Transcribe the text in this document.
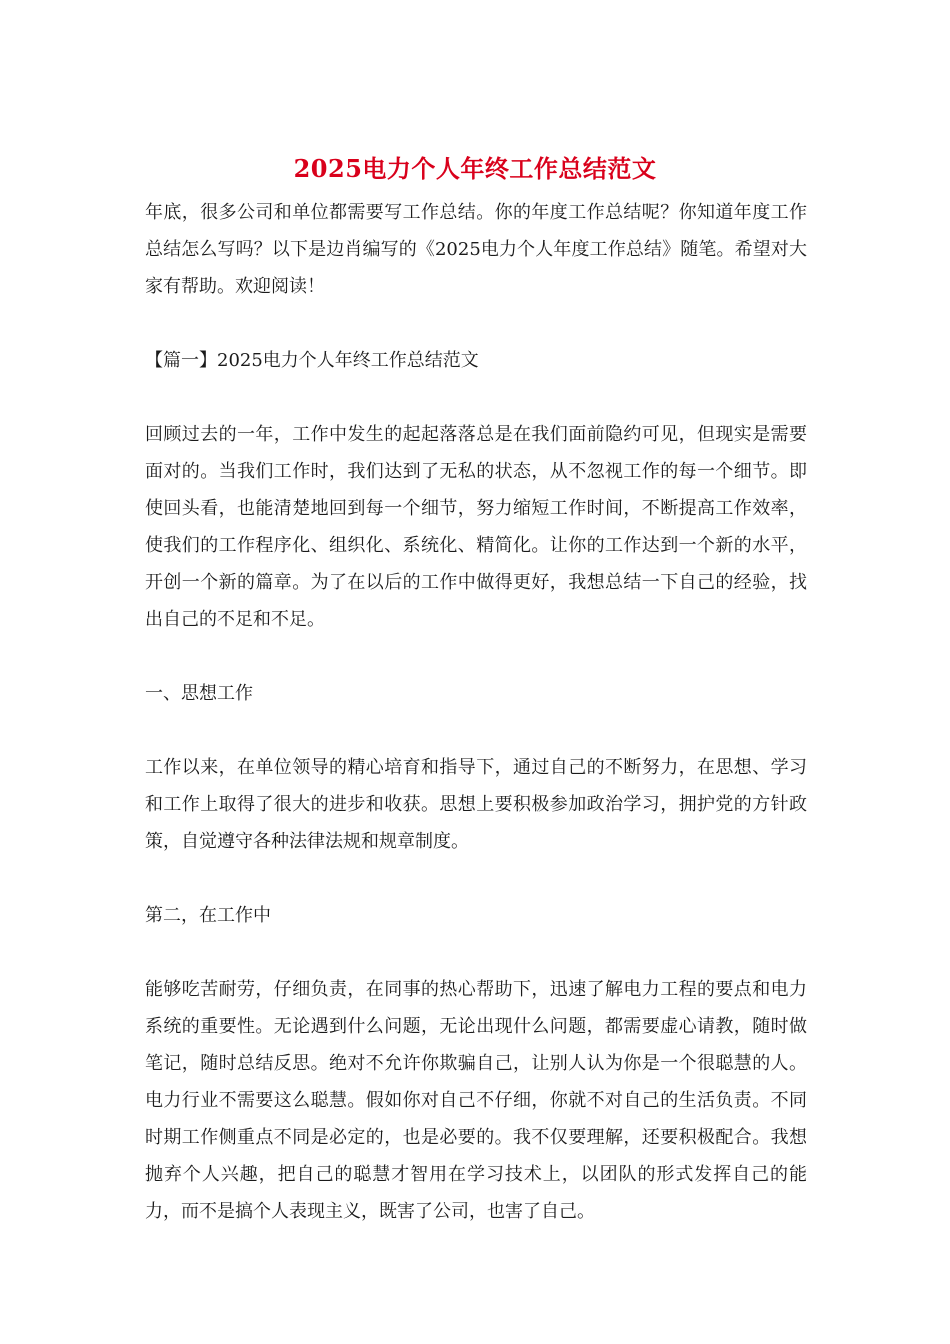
2025电力个人年终工作总结范文

年底，很多公司和单位都需要写工作总结。你的年度工作总结呢？你知道年度工作总结怎么写吗？以下是边肖编写的《2025电力个人年度工作总结》随笔。希望对大家有帮助。欢迎阅读！

【篇一】2025电力个人年终工作总结范文

回顾过去的一年，工作中发生的起起落落总是在我们面前隐约可见，但现实是需要面对的。当我们工作时，我们达到了无私的状态，从不忽视工作的每一个细节。即使回头看，也能清楚地回到每一个细节，努力缩短工作时间，不断提高工作效率，使我们的工作程序化、组织化、系统化、精简化。让你的工作达到一个新的水平，开创一个新的篇章。为了在以后的工作中做得更好，我想总结一下自己的经验，找出自己的不足和不足。

一、思想工作

工作以来，在单位领导的精心培育和指导下，通过自己的不断努力，在思想、学习和工作上取得了很大的进步和收获。思想上要积极参加政治学习，拥护党的方针政策，自觉遵守各种法律法规和规章制度。

第二，在工作中

能够吃苦耐劳，仔细负责，在同事的热心帮助下，迅速了解电力工程的要点和电力系统的重要性。无论遇到什么问题，无论出现什么问题，都需要虚心请教，随时做笔记，随时总结反思。绝对不允许你欺骗自己，让别人认为你是一个很聪慧的人。电力行业不需要这么聪慧。假如你对自己不仔细，你就不对自己的生活负责。不同时期工作侧重点不同是必定的，也是必要的。我不仅要理解，还要积极配合。我想抛弃个人兴趣，把自己的聪慧才智用在学习技术上，以团队的形式发挥自己的能力，而不是搞个人表现主义，既害了公司，也害了自己。
